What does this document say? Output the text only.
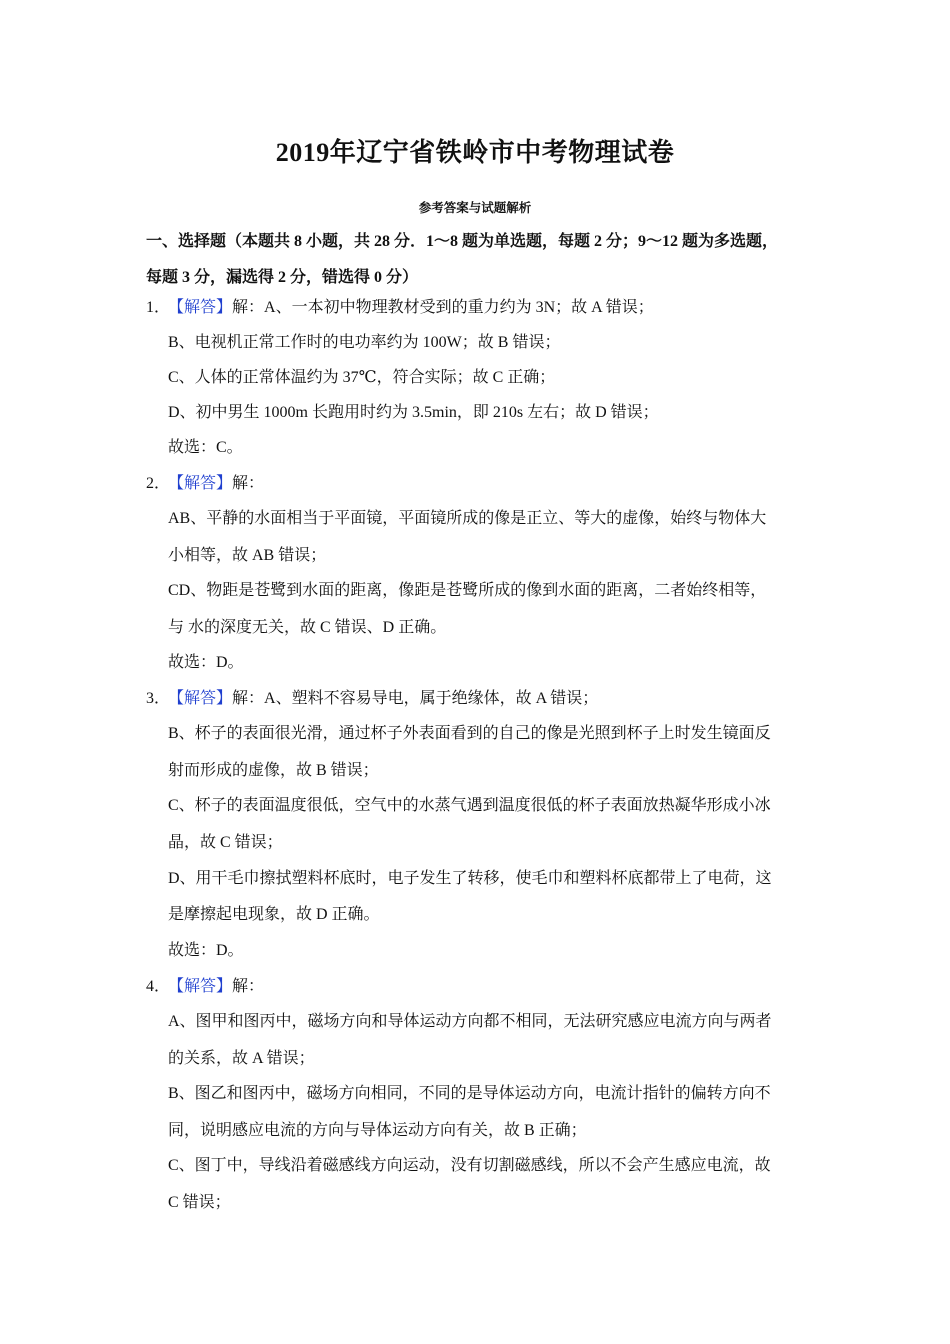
2019年辽宁省铁岭市中考物理试卷
参考答案与试题解析
一、选择题（本题共 8 小题，共 28 分．1～8 题为单选题，每题 2 分；9～12 题为多选题，
每题 3 分，漏选得 2 分，错选得 0 分）
1．
【解答】解：A、一本初中物理教材受到的重力约为 3N；故 A 错误；
B、电视机正常工作时的电功率约为 100W；故 B 错误；
C、人体的正常体温约为 37℃，符合实际；故 C 正确；
D、初中男生 1000m 长跑用时约为 3.5min，即 210s 左右；故 D 错误；
故选：C。
2．
【解答】解：
AB、平静的水面相当于平面镜，平面镜所成的像是正立、等大的虚像，始终与物体大
小相等，故 AB 错误；
CD、物距是苍鹭到水面的距离，像距是苍鹭所成的像到水面的距离，二者始终相等，
与 水的深度无关，故 C 错误、D 正确。
故选：D。
3．
【解答】解：A、塑料不容易导电，属于绝缘体，故 A 错误；
B、杯子的表面很光滑，通过杯子外表面看到的自己的像是光照到杯子上时发生镜面反
射而形成的虚像，故 B 错误；
C、杯子的表面温度很低，空气中的水蒸气遇到温度很低的杯子表面放热凝华形成小冰
晶，故 C 错误；
D、用干毛巾擦拭塑料杯底时，电子发生了转移，使毛巾和塑料杯底都带上了电荷，这
是摩擦起电现象，故 D 正确。
故选：D。
4．
【解答】解：
A、图甲和图丙中，磁场方向和导体运动方向都不相同，无法研究感应电流方向与两者
的关系，故 A 错误；
B、图乙和图丙中，磁场方向相同，不同的是导体运动方向，电流计指针的偏转方向不
同，说明感应电流的方向与导体运动方向有关，故 B 正确；
C、图丁中，导线沿着磁感线方向运动，没有切割磁感线，所以不会产生感应电流，故
C 错误；
